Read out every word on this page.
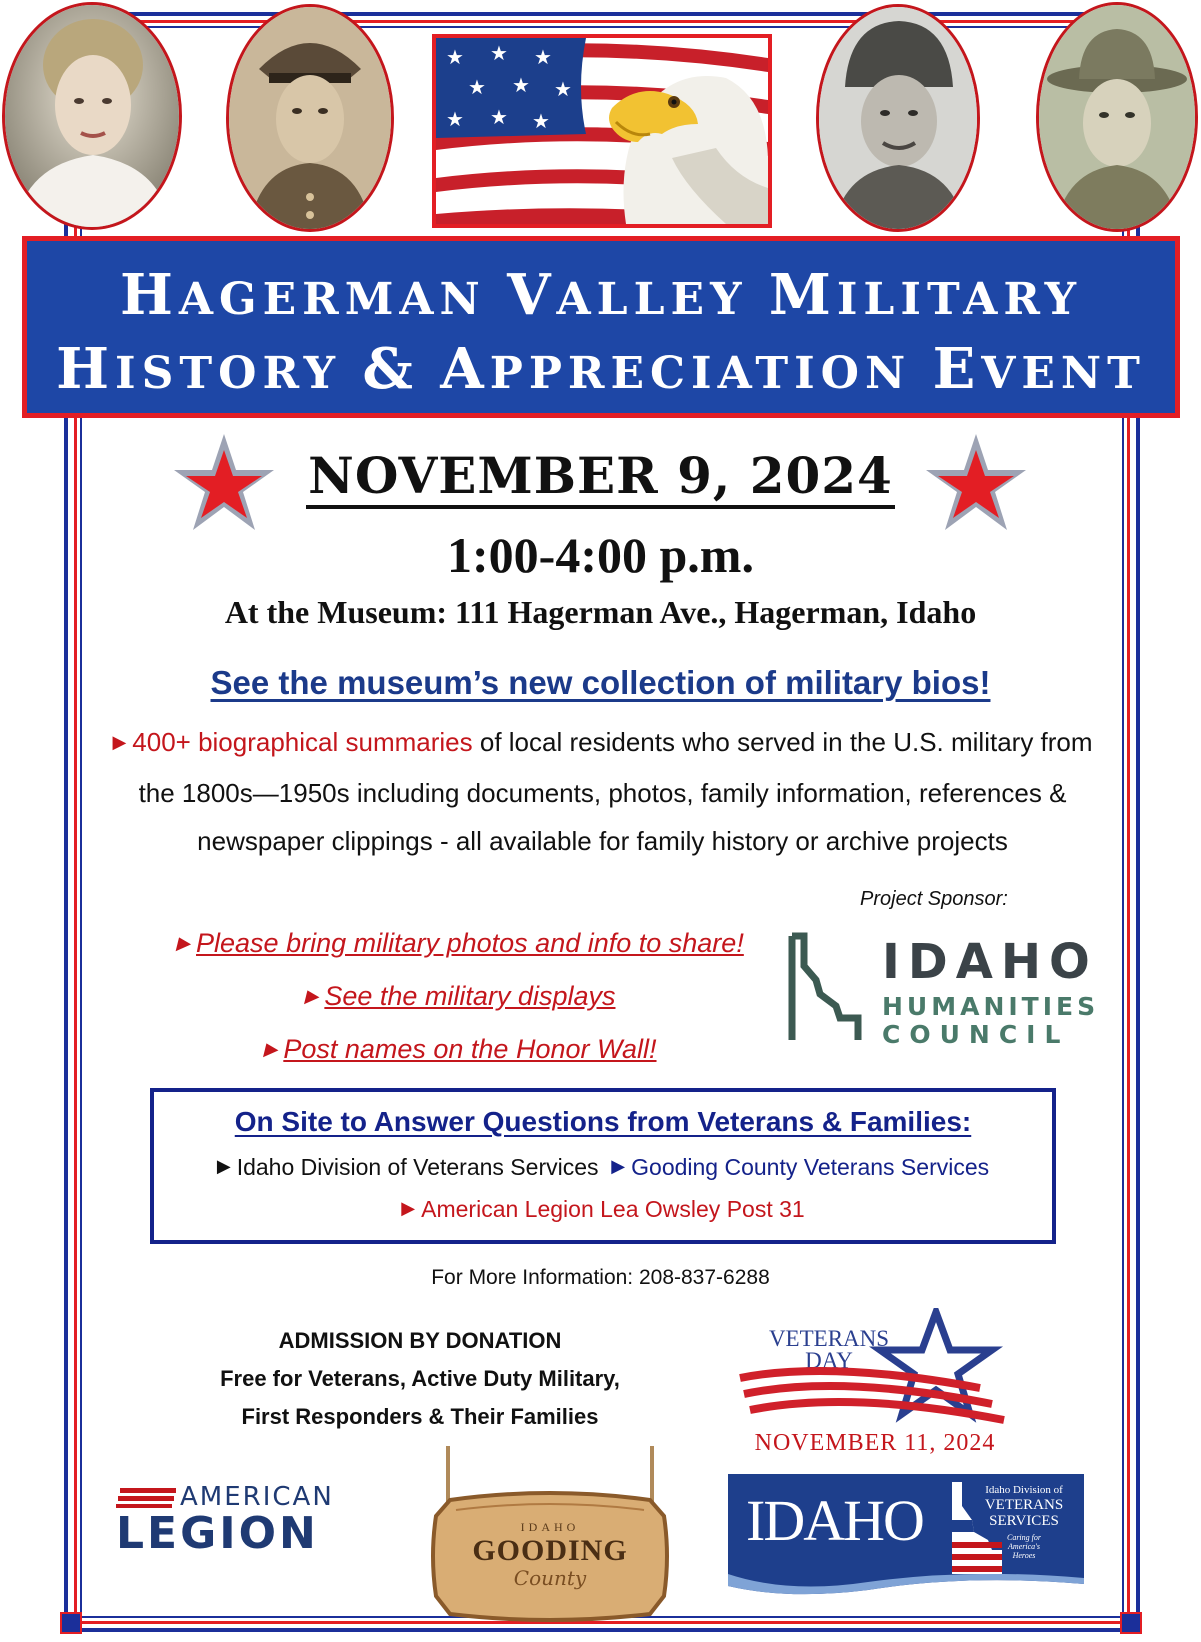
★ ★ ★
★ ★ ★
★ ★ ★
HAGERMAN VALLEY MILITARY
HISTORY & APPRECIATION EVENT
NOVEMBER 9, 2024
1:00-4:00 p.m.
At the Museum: 111 Hagerman Ave., Hagerman, Idaho
See the museum’s new collection of military bios!
▶ 400+ biographical summaries of local residents who served in the U.S. military from the 1800s—1950s including documents, photos, family information, references & newspaper clippings - all available for family history or archive projects
▶ Please bring military photos and info to share!
▶ See the military displays
▶ Post names on the Honor Wall!
Project Sponsor:
IDAHO
HUMANITIES
COUNCIL
On Site to Answer Questions from Veterans & Families:
▶ Idaho Division of Veterans Services ▶ Gooding County Veterans Services
▶ American Legion Lea Owsley Post 31
For More Information: 208-837-6288
ADMISSION BY DONATION
Free for Veterans, Active Duty Military,
First Responders & Their Families
VETERANS
DAY
NOVEMBER 11, 2024
AMERICAN
LEGION	IDAHO
GOODING
County
IDAHO	Idaho Division of
VETERANS
SERVICES
Caring for
America's
Heroes
